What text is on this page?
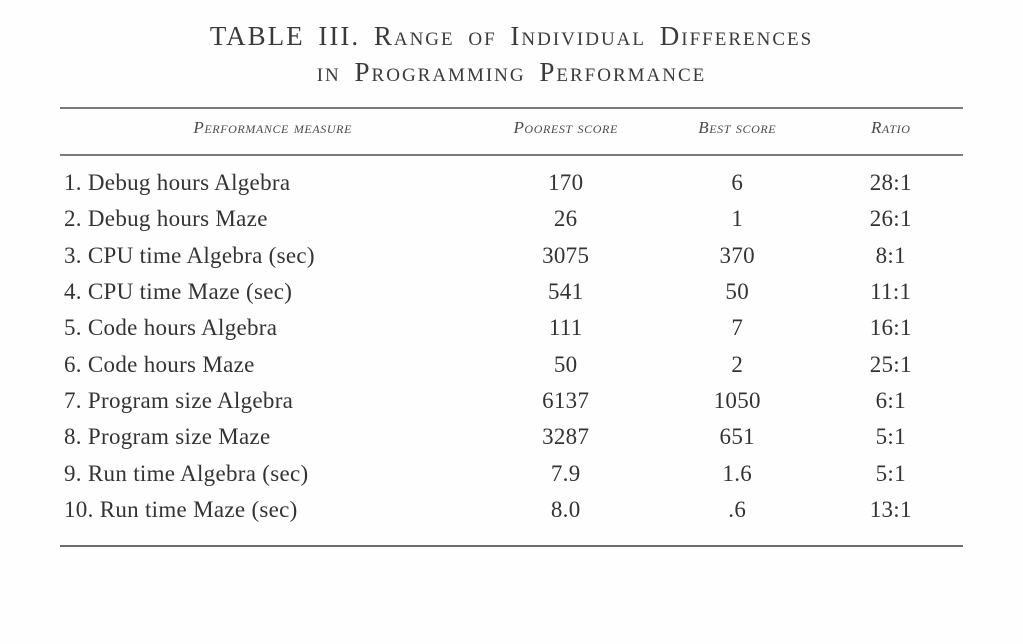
TABLE III. Range of Individual Differences
in Programming Performance
Performance measure	Poorest score	Best score	Ratio
1. Debug hours Algebra	170	6	28:1
2. Debug hours Maze	26	1	26:1
3. CPU time Algebra (sec)	3075	370	8:1
4. CPU time Maze (sec)	541	50	11:1
5. Code hours Algebra	111	7	16:1
6. Code hours Maze	50	2	25:1
7. Program size Algebra	6137	1050	6:1
8. Program size Maze	3287	651	5:1
9. Run time Algebra (sec)	7.9	1.6	5:1
10. Run time Maze (sec)	8.0	.6	13:1
